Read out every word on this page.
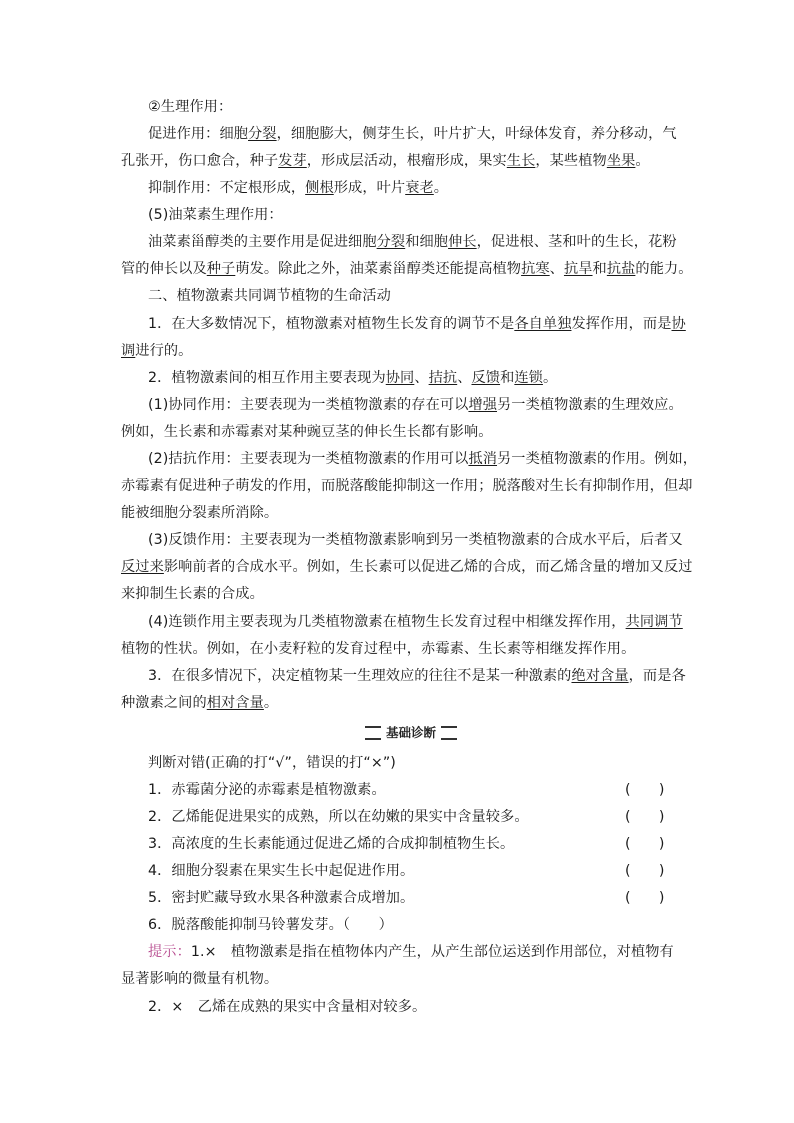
②生理作用：
促进作用：细胞分裂，细胞膨大，侧芽生长，叶片扩大，叶绿体发育，养分移动，气
孔张开，伤口愈合，种子发芽，形成层活动，根瘤形成，果实生长，某些植物坐果。
抑制作用：不定根形成，侧根形成，叶片衰老。
(5)油菜素生理作用：
油菜素甾醇类的主要作用是促进细胞分裂和细胞伸长，促进根、茎和叶的生长，花粉
管的伸长以及种子萌发。除此之外，油菜素甾醇类还能提高植物抗寒、抗旱和抗盐的能力。
二、植物激素共同调节植物的生命活动
1．在大多数情况下，植物激素对植物生长发育的调节不是各自单独发挥作用，而是协
调进行的。
2．植物激素间的相互作用主要表现为协同、拮抗、反馈和连锁。
(1)协同作用：主要表现为一类植物激素的存在可以增强另一类植物激素的生理效应。
例如，生长素和赤霉素对某种豌豆茎的伸长生长都有影响。
(2)拮抗作用：主要表现为一类植物激素的作用可以抵消另一类植物激素的作用。例如，
赤霉素有促进种子萌发的作用，而脱落酸能抑制这一作用；脱落酸对生长有抑制作用，但却
能被细胞分裂素所消除。
(3)反馈作用：主要表现为一类植物激素影响到另一类植物激素的合成水平后，后者又
反过来影响前者的合成水平。例如，生长素可以促进乙烯的合成，而乙烯含量的增加又反过
来抑制生长素的合成。
(4)连锁作用主要表现为几类植物激素在植物生长发育过程中相继发挥作用，共同调节
植物的性状。例如，在小麦籽粒的发育过程中，赤霉素、生长素等相继发挥作用。
3．在很多情况下，决定植物某一生理效应的往往不是某一种激素的绝对含量，而是各
种激素之间的相对含量。
基础诊断
判断对错(正确的打“√”，错误的打“×”)
1．赤霉菌分泌的赤霉素是植物激素。	(　　)
2．乙烯能促进果实的成熟，所以在幼嫩的果实中含量较多。	(　　)
3．高浓度的生长素能通过促进乙烯的合成抑制植物生长。	(　　)
4．细胞分裂素在果实生长中起促进作用。	(　　)
5．密封贮藏导致水果各种激素合成增加。	(　　)
6．脱落酸能抑制马铃薯发芽。（　　）
提示：1.×　植物激素是指在植物体内产生，从产生部位运送到作用部位，对植物有
显著影响的微量有机物。
2．×　乙烯在成熟的果实中含量相对较多。
